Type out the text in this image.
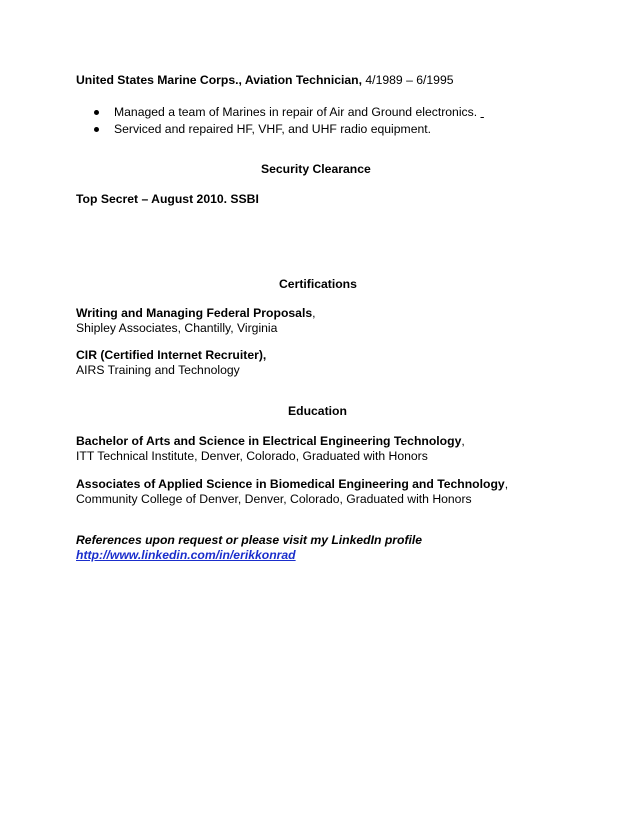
United States Marine Corps., Aviation Technician, 4/1989 – 6/1995
Managed a team of Marines in repair of Air and Ground electronics.
Serviced and repaired HF, VHF, and UHF radio equipment.
Security Clearance
Top Secret – August 2010. SSBI
Certifications
Writing and Managing Federal Proposals,
Shipley Associates, Chantilly, Virginia
CIR (Certified Internet Recruiter),
AIRS Training and Technology
Education
Bachelor of Arts and Science in Electrical Engineering Technology,
ITT Technical Institute, Denver, Colorado, Graduated with Honors
Associates of Applied Science in Biomedical Engineering and Technology,
Community College of Denver, Denver, Colorado, Graduated with Honors
References upon request or please visit my LinkedIn profile
http://www.linkedin.com/in/erikkonrad
